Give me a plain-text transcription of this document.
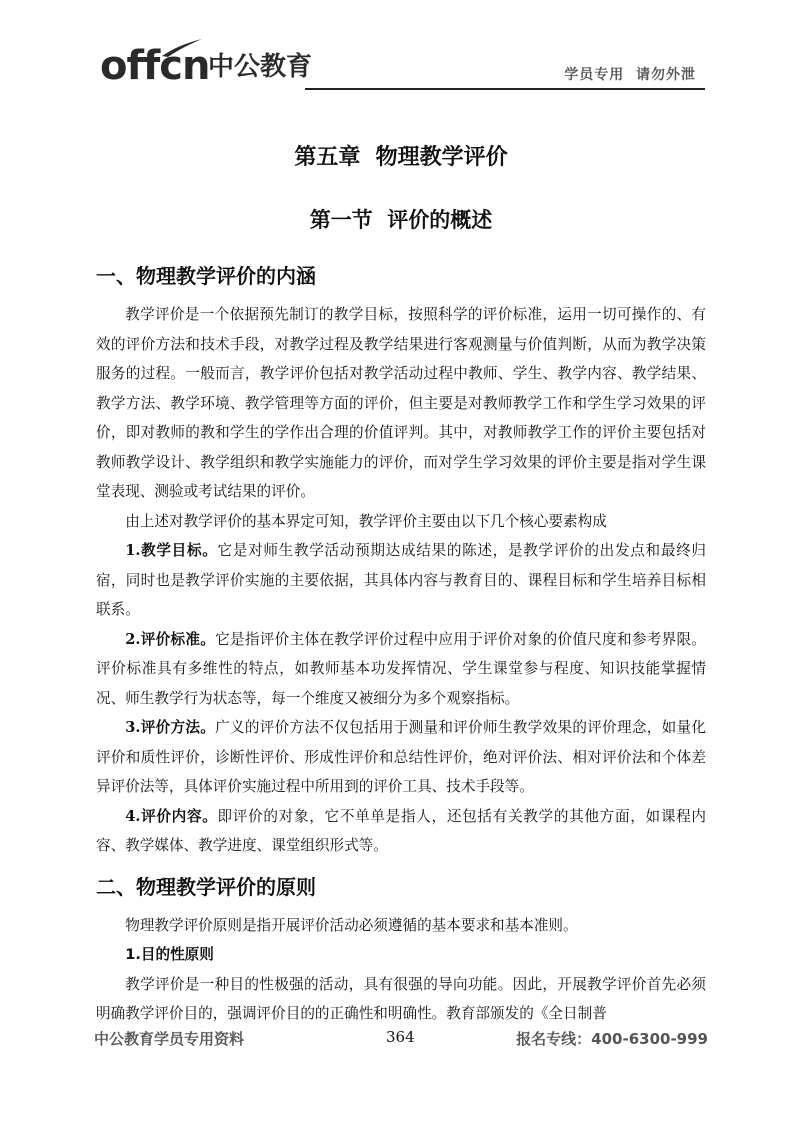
offcn
中公教育	学员专用  请勿外泄
第五章  物理教学评价
第一节  评价的概述
一、物理教学评价的内涵

教学评价是一个依据预先制订的教学目标，按照科学的评价标准，运用一切可操作的、有效的评价方法和技术手段，对教学过程及教学结果进行客观测量与价值判断，从而为教学决策服务的过程。一般而言，教学评价包括对教学活动过程中教师、学生、教学内容、教学结果、教学方法、教学环境、教学管理等方面的评价，但主要是对教师教学工作和学生学习效果的评价，即对教师的教和学生的学作出合理的价值评判。其中，对教师教学工作的评价主要包括对教师教学设计、教学组织和教学实施能力的评价，而对学生学习效果的评价主要是指对学生课堂表现、测验或考试结果的评价。

由上述对教学评价的基本界定可知，教学评价主要由以下几个核心要素构成

1.教学目标。它是对师生教学活动预期达成结果的陈述，是教学评价的出发点和最终归宿，同时也是教学评价实施的主要依据，其具体内容与教育目的、课程目标和学生培养目标相联系。

2.评价标准。它是指评价主体在教学评价过程中应用于评价对象的价值尺度和参考界限。评价标准具有多维性的特点，如教师基本功发挥情况、学生课堂参与程度、知识技能掌握情况、师生教学行为状态等，每一个维度又被细分为多个观察指标。

3.评价方法。广义的评价方法不仅包括用于测量和评价师生教学效果的评价理念，如量化评价和质性评价，诊断性评价、形成性评价和总结性评价，绝对评价法、相对评价法和个体差异评价法等，具体评价实施过程中所用到的评价工具、技术手段等。

4.评价内容。即评价的对象，它不单单是指人，还包括有关教学的其他方面，如课程内容、教学媒体、教学进度、课堂组织形式等。

二、物理教学评价的原则

物理教学评价原则是指开展评价活动必须遵循的基本要求和基本准则。

1.目的性原则

教学评价是一种目的性极强的活动，具有很强的导向功能。因此，开展教学评价首先必须明确教学评价目的，强调评价目的的正确性和明确性。教育部颁发的《全日制普

中公教育学员专用资料	364	报名专线：400-6300-999
